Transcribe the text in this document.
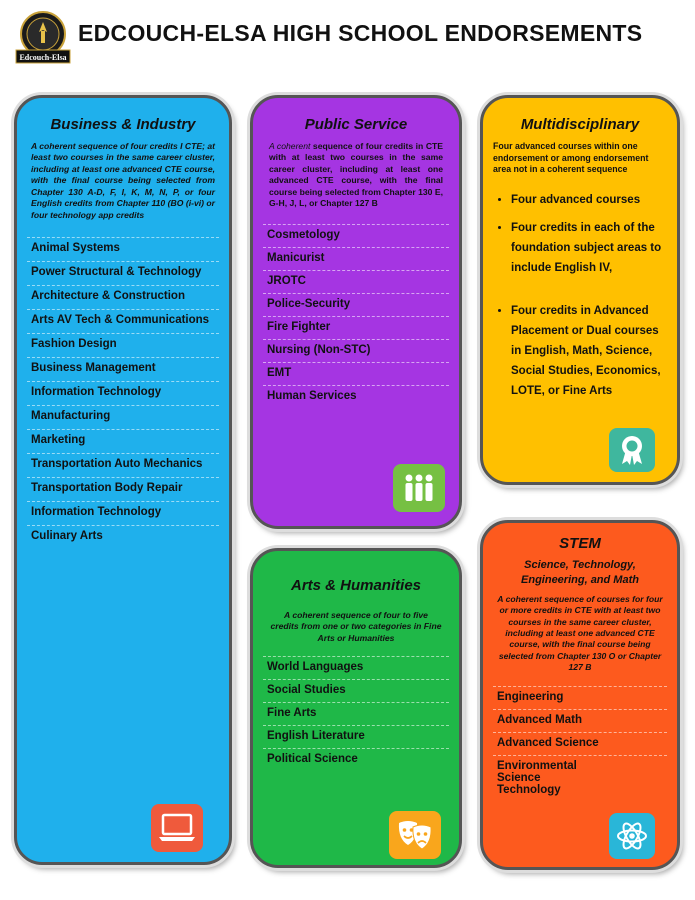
Edcouch-Elsa
EDCOUCH-ELSA HIGH SCHOOL ENDORSEMENTS
Business & Industry
A coherent sequence of four credits I CTE; at least two courses in the same career cluster, including at least one advanced CTE course, with the final course being selected from Chapter 130 A-D, F, I, K, M, N, P, or four English credits from Chapter 110 (BO (i-vi) or four technology app credits
Animal Systems
Power Structural & Technology
Architecture & Construction
Arts AV Tech & Communications
Fashion Design
Business Management
Information Technology
Manufacturing
Marketing
Transportation Auto Mechanics
Transportation Body Repair
Information Technology
Culinary Arts
Public Service
A coherent sequence of four credits in CTE with at least two courses in the same career cluster, including at least one advanced CTE course, with the final course being selected from Chapter 130 E, G-H, J, L, or Chapter 127 B
Cosmetology
Manicurist
JROTC
Police-Security
Fire Fighter
Nursing (Non-STC)
EMT
Human Services
Multidisciplinary
Four advanced courses within one endorsement or among endorsement area not in a coherent sequence
• Four advanced courses
• Four credits in each of the foundation subject areas to include English IV,
• Four credits in Advanced Placement or Dual courses in English, Math, Science, Social Studies, Economics, LOTE, or Fine Arts
Arts & Humanities
A coherent sequence of four to five credits from one or two categories in Fine Arts or Humanities
World Languages
Social Studies
Fine Arts
English Literature
Political Science
STEM
Science, Technology, Engineering, and Math
A coherent sequence of courses for four or more credits in CTE with at least two courses in the same career cluster, including at least one advanced CTE course, with the final course being selected from Chapter 130 O or Chapter 127 B
Engineering
Advanced Math
Advanced Science
Environmental Science Technology
